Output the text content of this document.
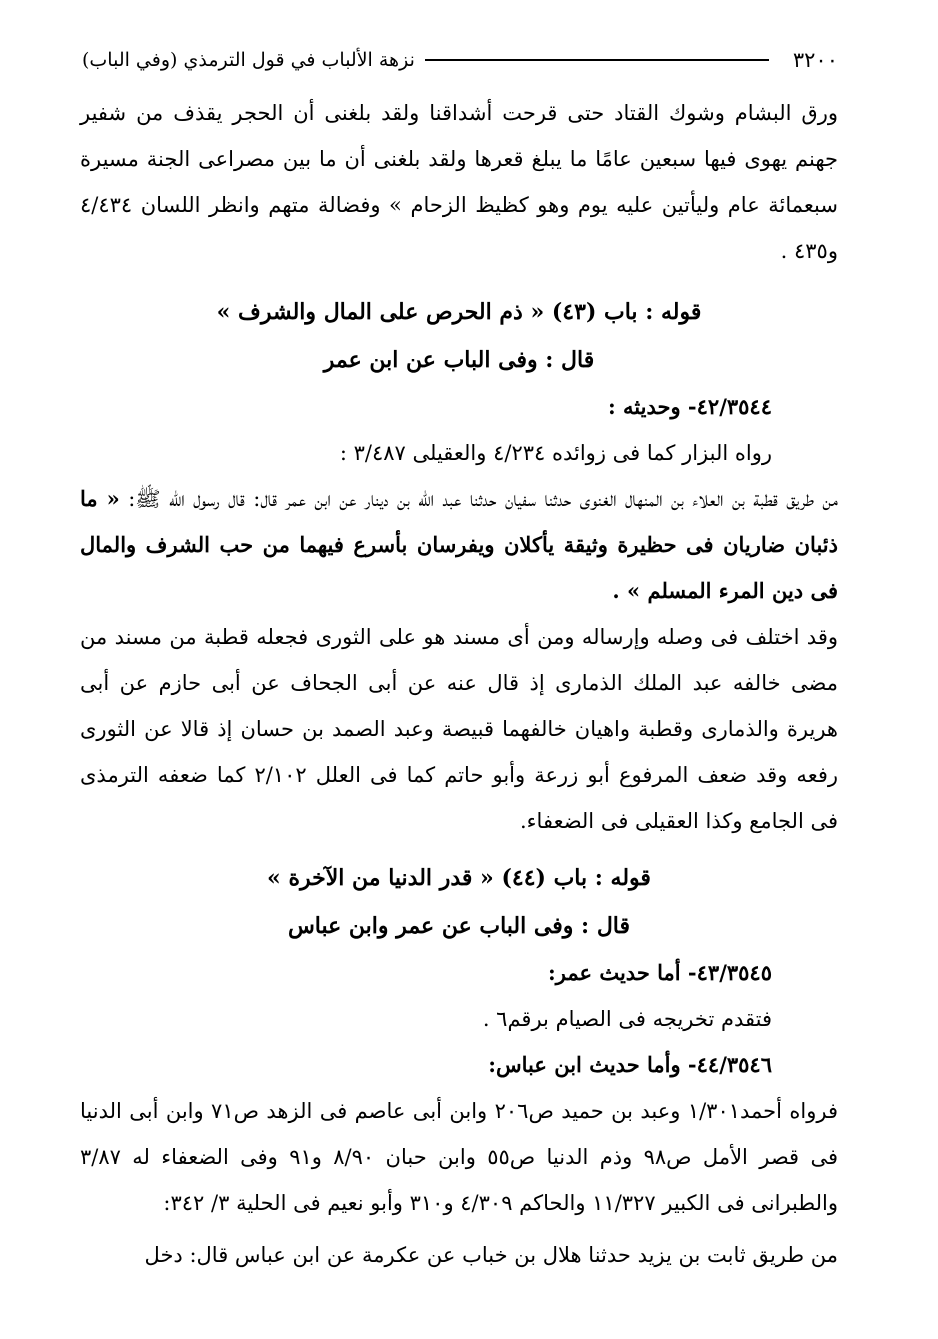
٣٢٠٠
نزهة الألباب في قول الترمذي (وفي الباب)

ورق البشام وشوك القتاد حتى قرحت أشداقنا ولقد بلغنى أن الحجر يقذف من شفير جهنم يهوى فيها سبعين عامًا ما يبلغ قعرها ولقد بلغنى أن ما بين مصراعى الجنة مسيرة سبعمائة عام وليأتين عليه يوم وهو كظيظ الزحام » وفضالة متهم وانظر اللسان ٤/٤٣٤ و٤٣٥ .

قوله : باب (٤٣) « ذم الحرص على المال والشرف »

قال : وفى الباب عن ابن عمر

٤٢/٣٥٤٤- وحديثه :

رواه البزار كما فى زوائده ٤/٢٣٤ والعقيلى ٣/٤٨٧ :

من طريق قطبة بن العلاء بن المنهال الغنوى حدثنا سفيان حدثنا عبد الله بن دينار عن ابن عمر قال: قال رسول الله ﷺ: « ما ذئبان ضاريان فى حظيرة وثيقة يأكلان ويفرسان بأسرع فيهما من حب الشرف والمال فى دين المرء المسلم » .

وقد اختلف فى وصله وإرساله ومن أى مسند هو على الثورى فجعله قطبة من مسند من مضى خالفه عبد الملك الذمارى إذ قال عنه عن أبى الجحاف عن أبى حازم عن أبى هريرة والذمارى وقطبة واهيان خالفهما قبيصة وعبد الصمد بن حسان إذ قالا عن الثورى رفعه وقد ضعف المرفوع أبو زرعة وأبو حاتم كما فى العلل ٢/١٠٢ كما ضعفه الترمذى فى الجامع وكذا العقيلى فى الضعفاء.

قوله : باب (٤٤) « قدر الدنيا من الآخرة »

قال : وفى الباب عن عمر وابن عباس

٤٣/٣٥٤٥- أما حديث عمر:

فتقدم تخريجه فى الصيام برقم٦ .

٤٤/٣٥٤٦- وأما حديث ابن عباس:

فرواه أحمد١/٣٠١ وعبد بن حميد ص٢٠٦ وابن أبى عاصم فى الزهد ص٧١ وابن أبى الدنيا فى قصر الأمل ص٩٨ وذم الدنيا ص٥٥ وابن حبان ٨/٩٠ و٩١ وفى الضعفاء له ٣/٨٧ والطبرانى فى الكبير ١١/٣٢٧ والحاكم ٤/٣٠٩ و٣١٠ وأبو نعيم فى الحلية ٣/ ٣٤٢:

من طريق ثابت بن يزيد حدثنا هلال بن خباب عن عكرمة عن ابن عباس قال: دخل
